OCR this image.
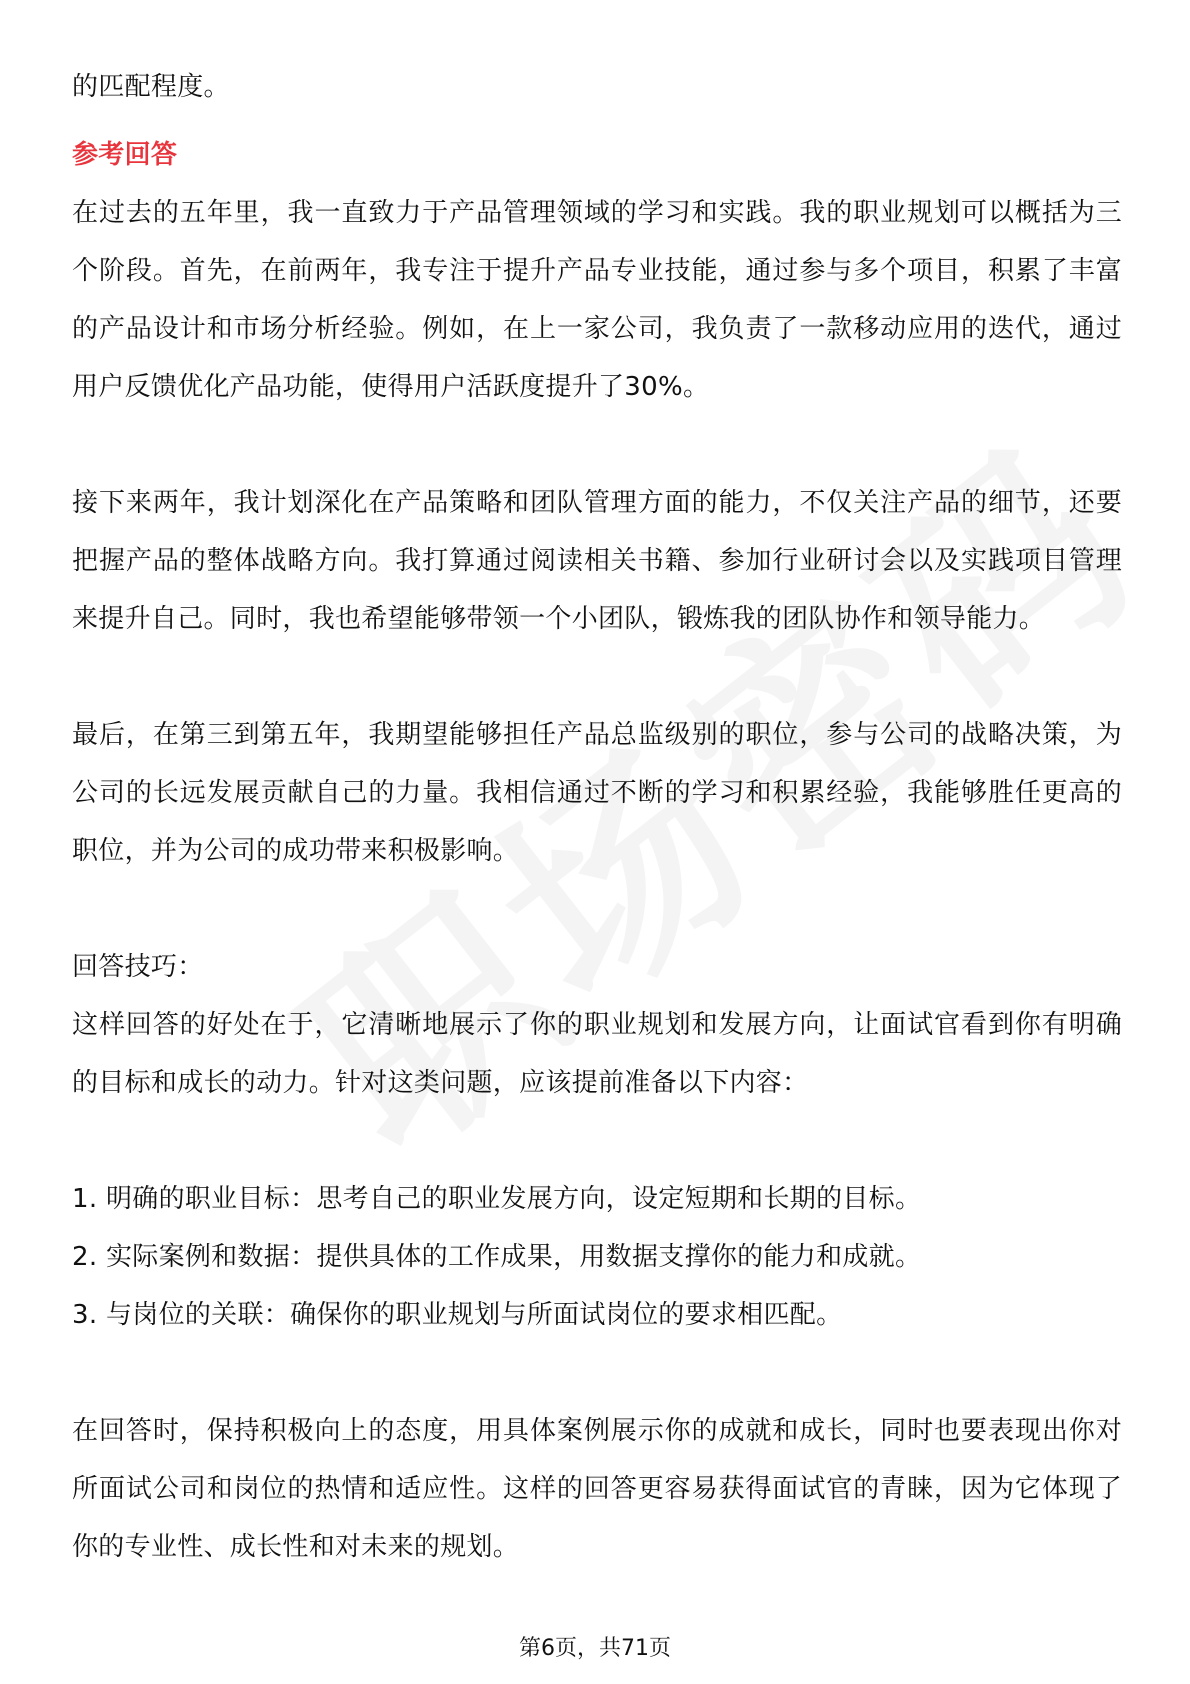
的匹配程度。

参考回答

在过去的五年里，我一直致力于产品管理领域的学习和实践。我的职业规划可以概括为三个阶段。首先，在前两年，我专注于提升产品专业技能，通过参与多个项目，积累了丰富的产品设计和市场分析经验。例如，在上一家公司，我负责了一款移动应用的迭代，通过用户反馈优化产品功能，使得用户活跃度提升了30%。

接下来两年，我计划深化在产品策略和团队管理方面的能力，不仅关注产品的细节，还要把握产品的整体战略方向。我打算通过阅读相关书籍、参加行业研讨会以及实践项目管理来提升自己。同时，我也希望能够带领一个小团队，锻炼我的团队协作和领导能力。

最后，在第三到第五年，我期望能够担任产品总监级别的职位，参与公司的战略决策，为公司的长远发展贡献自己的力量。我相信通过不断的学习和积累经验，我能够胜任更高的职位，并为公司的成功带来积极影响。

回答技巧：

这样回答的好处在于，它清晰地展示了你的职业规划和发展方向，让面试官看到你有明确的目标和成长的动力。针对这类问题，应该提前准备以下内容：

1. 明确的职业目标：思考自己的职业发展方向，设定短期和长期的目标。

2. 实际案例和数据：提供具体的工作成果，用数据支撑你的能力和成就。

3. 与岗位的关联：确保你的职业规划与所面试岗位的要求相匹配。

在回答时，保持积极向上的态度，用具体案例展示你的成就和成长，同时也要表现出你对所面试公司和岗位的热情和适应性。这样的回答更容易获得面试官的青睐，因为它体现了你的专业性、成长性和对未来的规划。

第6页，共71页
